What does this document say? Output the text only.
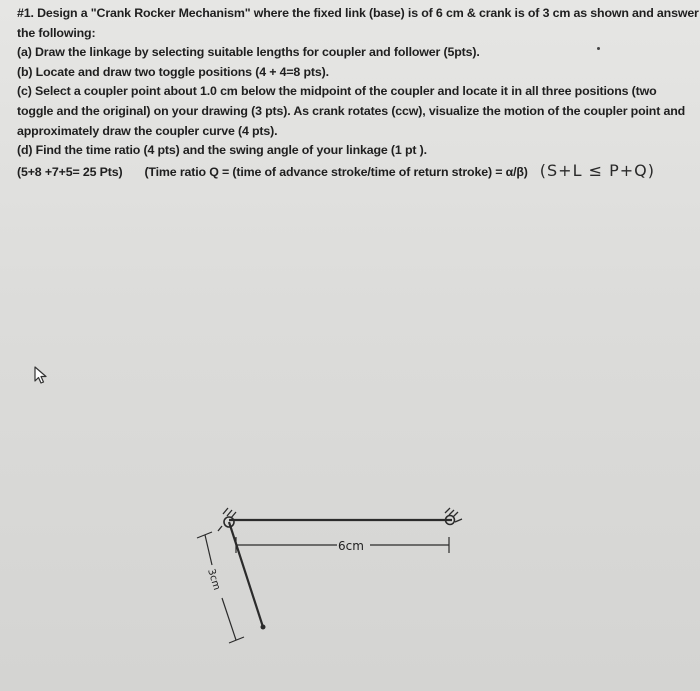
#1. Design a "Crank Rocker Mechanism" where the fixed link (base) is of 6 cm & crank is of 3 cm as shown and answer
the following:
(a) Draw the linkage by selecting suitable lengths for coupler and follower (5pts).
(b) Locate and draw two toggle positions (4 + 4=8 pts).
(c) Select a coupler point about 1.0 cm below the midpoint of the coupler and locate it in all three positions (two
toggle and the original) on your drawing (3 pts). As crank rotates (ccw), visualize the motion of the coupler point and
approximately draw the coupler curve (4 pts).
(d) Find the time ratio (4 pts) and the swing angle of your linkage (1 pt ).
(5+8 +7+5= 25 Pts) (Time ratio Q = (time of advance stroke/time of return stroke) = α/β) (S+L ≤ P+Q)
6cm
3cm
